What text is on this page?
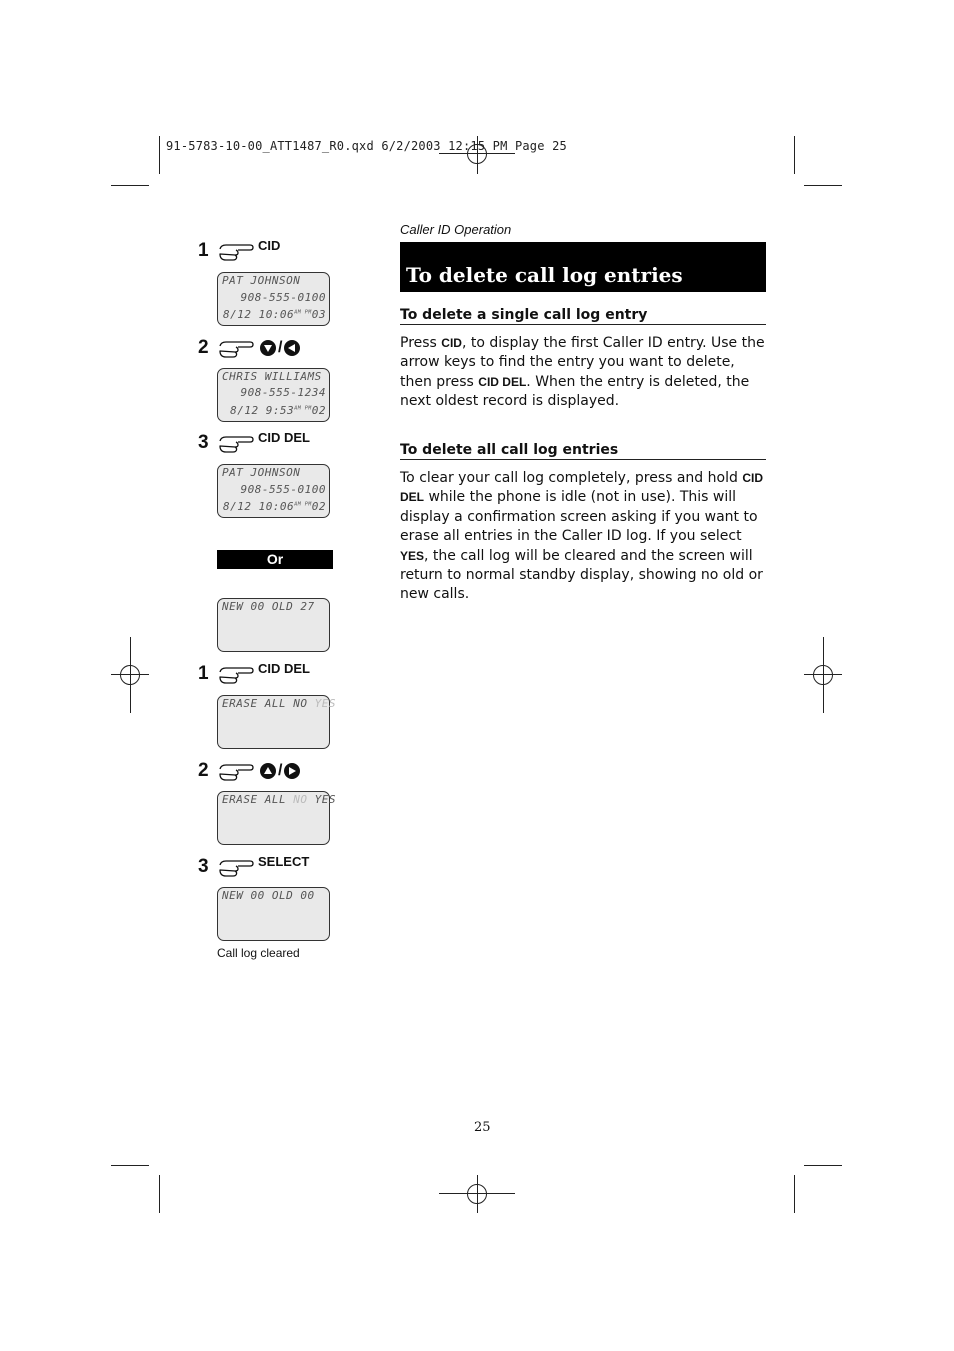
91-5783-10-00_ATT1487_R0.qxd 6/2/2003 12:15 PM Page 25
1	CID
PAT JOHNSON
908-555-0100
8/12 $10:06^{AM PM}03$
2	/
CHRIS WILLIAMS
908-555-1234
8/12 $9:53^{AM PM}02$
3	CID DEL
PAT JOHNSON
908-555-0100
8/12 $10:06^{AM PM}02$
Or
NEW 00 OLD 27
1	CID DEL
ERASE ALL NO YES
2	/
ERASE ALL NO YES
3	SELECT
NEW 00 OLD 00
Call log cleared
Caller ID Operation
To delete call log entries
To delete a single call log entry
Press CID, to display the first Caller ID entry. Use the arrow keys to find the entry you want to delete, then press CID DEL. When the entry is deleted, the next oldest record is displayed.
To delete all call log entries
To clear your call log completely, press and hold CID DEL while the phone is idle (not in use). This will display a confirmation screen asking if you want to erase all entries in the Caller ID log. If you select YES, the call log will be cleared and the screen will return to normal standby display, showing no old or new calls.
25
